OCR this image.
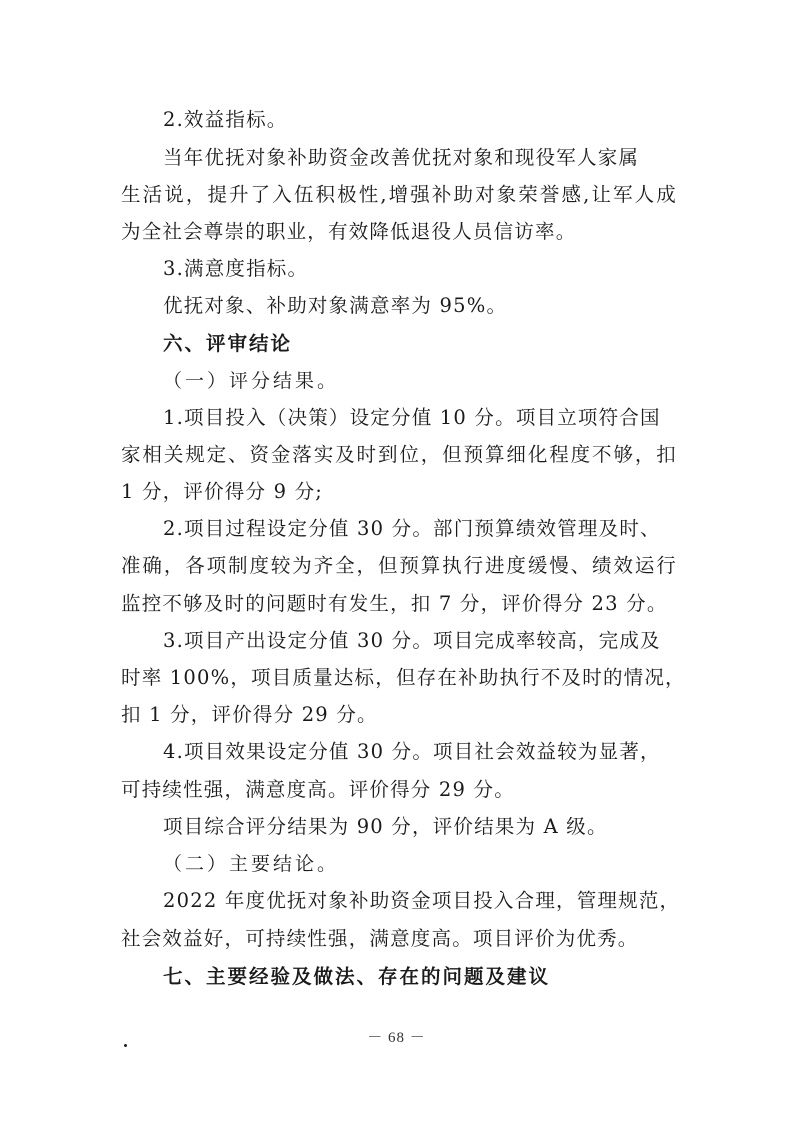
2.效益指标。
当年优抚对象补助资金改善优抚对象和现役军人家属
生活说，提升了入伍积极性,增强补助对象荣誉感,让军人成
为全社会尊崇的职业，有效降低退役人员信访率。
3.满意度指标。
优抚对象、补助对象满意率为 95%。
六、评审结论
（一）评分结果。
1.项目投入（决策）设定分值 10 分。项目立项符合国
家相关规定、资金落实及时到位，但预算细化程度不够，扣
1 分，评价得分 9 分;
2.项目过程设定分值 30 分。部门预算绩效管理及时、
准确，各项制度较为齐全，但预算执行进度缓慢、绩效运行
监控不够及时的问题时有发生，扣 7 分，评价得分 23 分。
3.项目产出设定分值 30 分。项目完成率较高，完成及
时率 100%，项目质量达标，但存在补助执行不及时的情况，
扣 1 分，评价得分 29 分。
4.项目效果设定分值 30 分。项目社会效益较为显著，
可持续性强，满意度高。评价得分 29 分。
项目综合评分结果为 90 分，评价结果为 A 级。
（二）主要结论。
2022 年度优抚对象补助资金项目投入合理，管理规范，
社会效益好，可持续性强，满意度高。项目评价为优秀。
七、主要经验及做法、存在的问题及建议
－ 68 －
